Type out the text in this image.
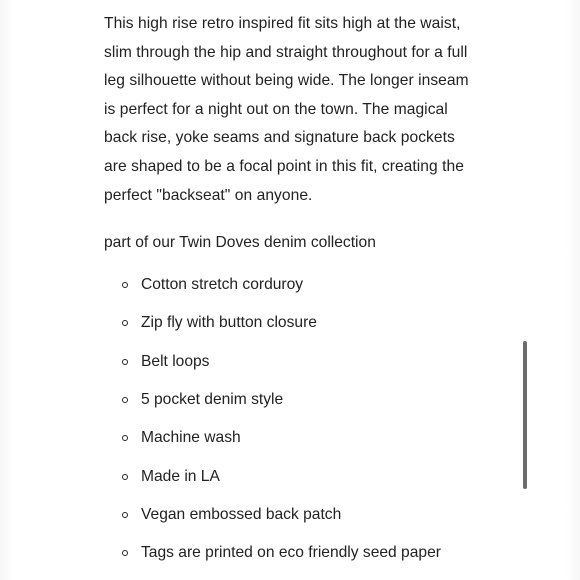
This high rise retro inspired fit sits high at the waist, slim through the hip and straight throughout for a full leg silhouette without being wide. The longer inseam is perfect for a night out on the town. The magical back rise, yoke seams and signature back pockets are shaped to be a focal point in this fit, creating the perfect "backseat" on anyone.

part of our Twin Doves denim collection

Cotton stretch corduroy
Zip fly with button closure
Belt loops
5 pocket denim style
Machine wash
Made in LA
Vegan embossed back patch
Tags are printed on eco friendly seed paper
